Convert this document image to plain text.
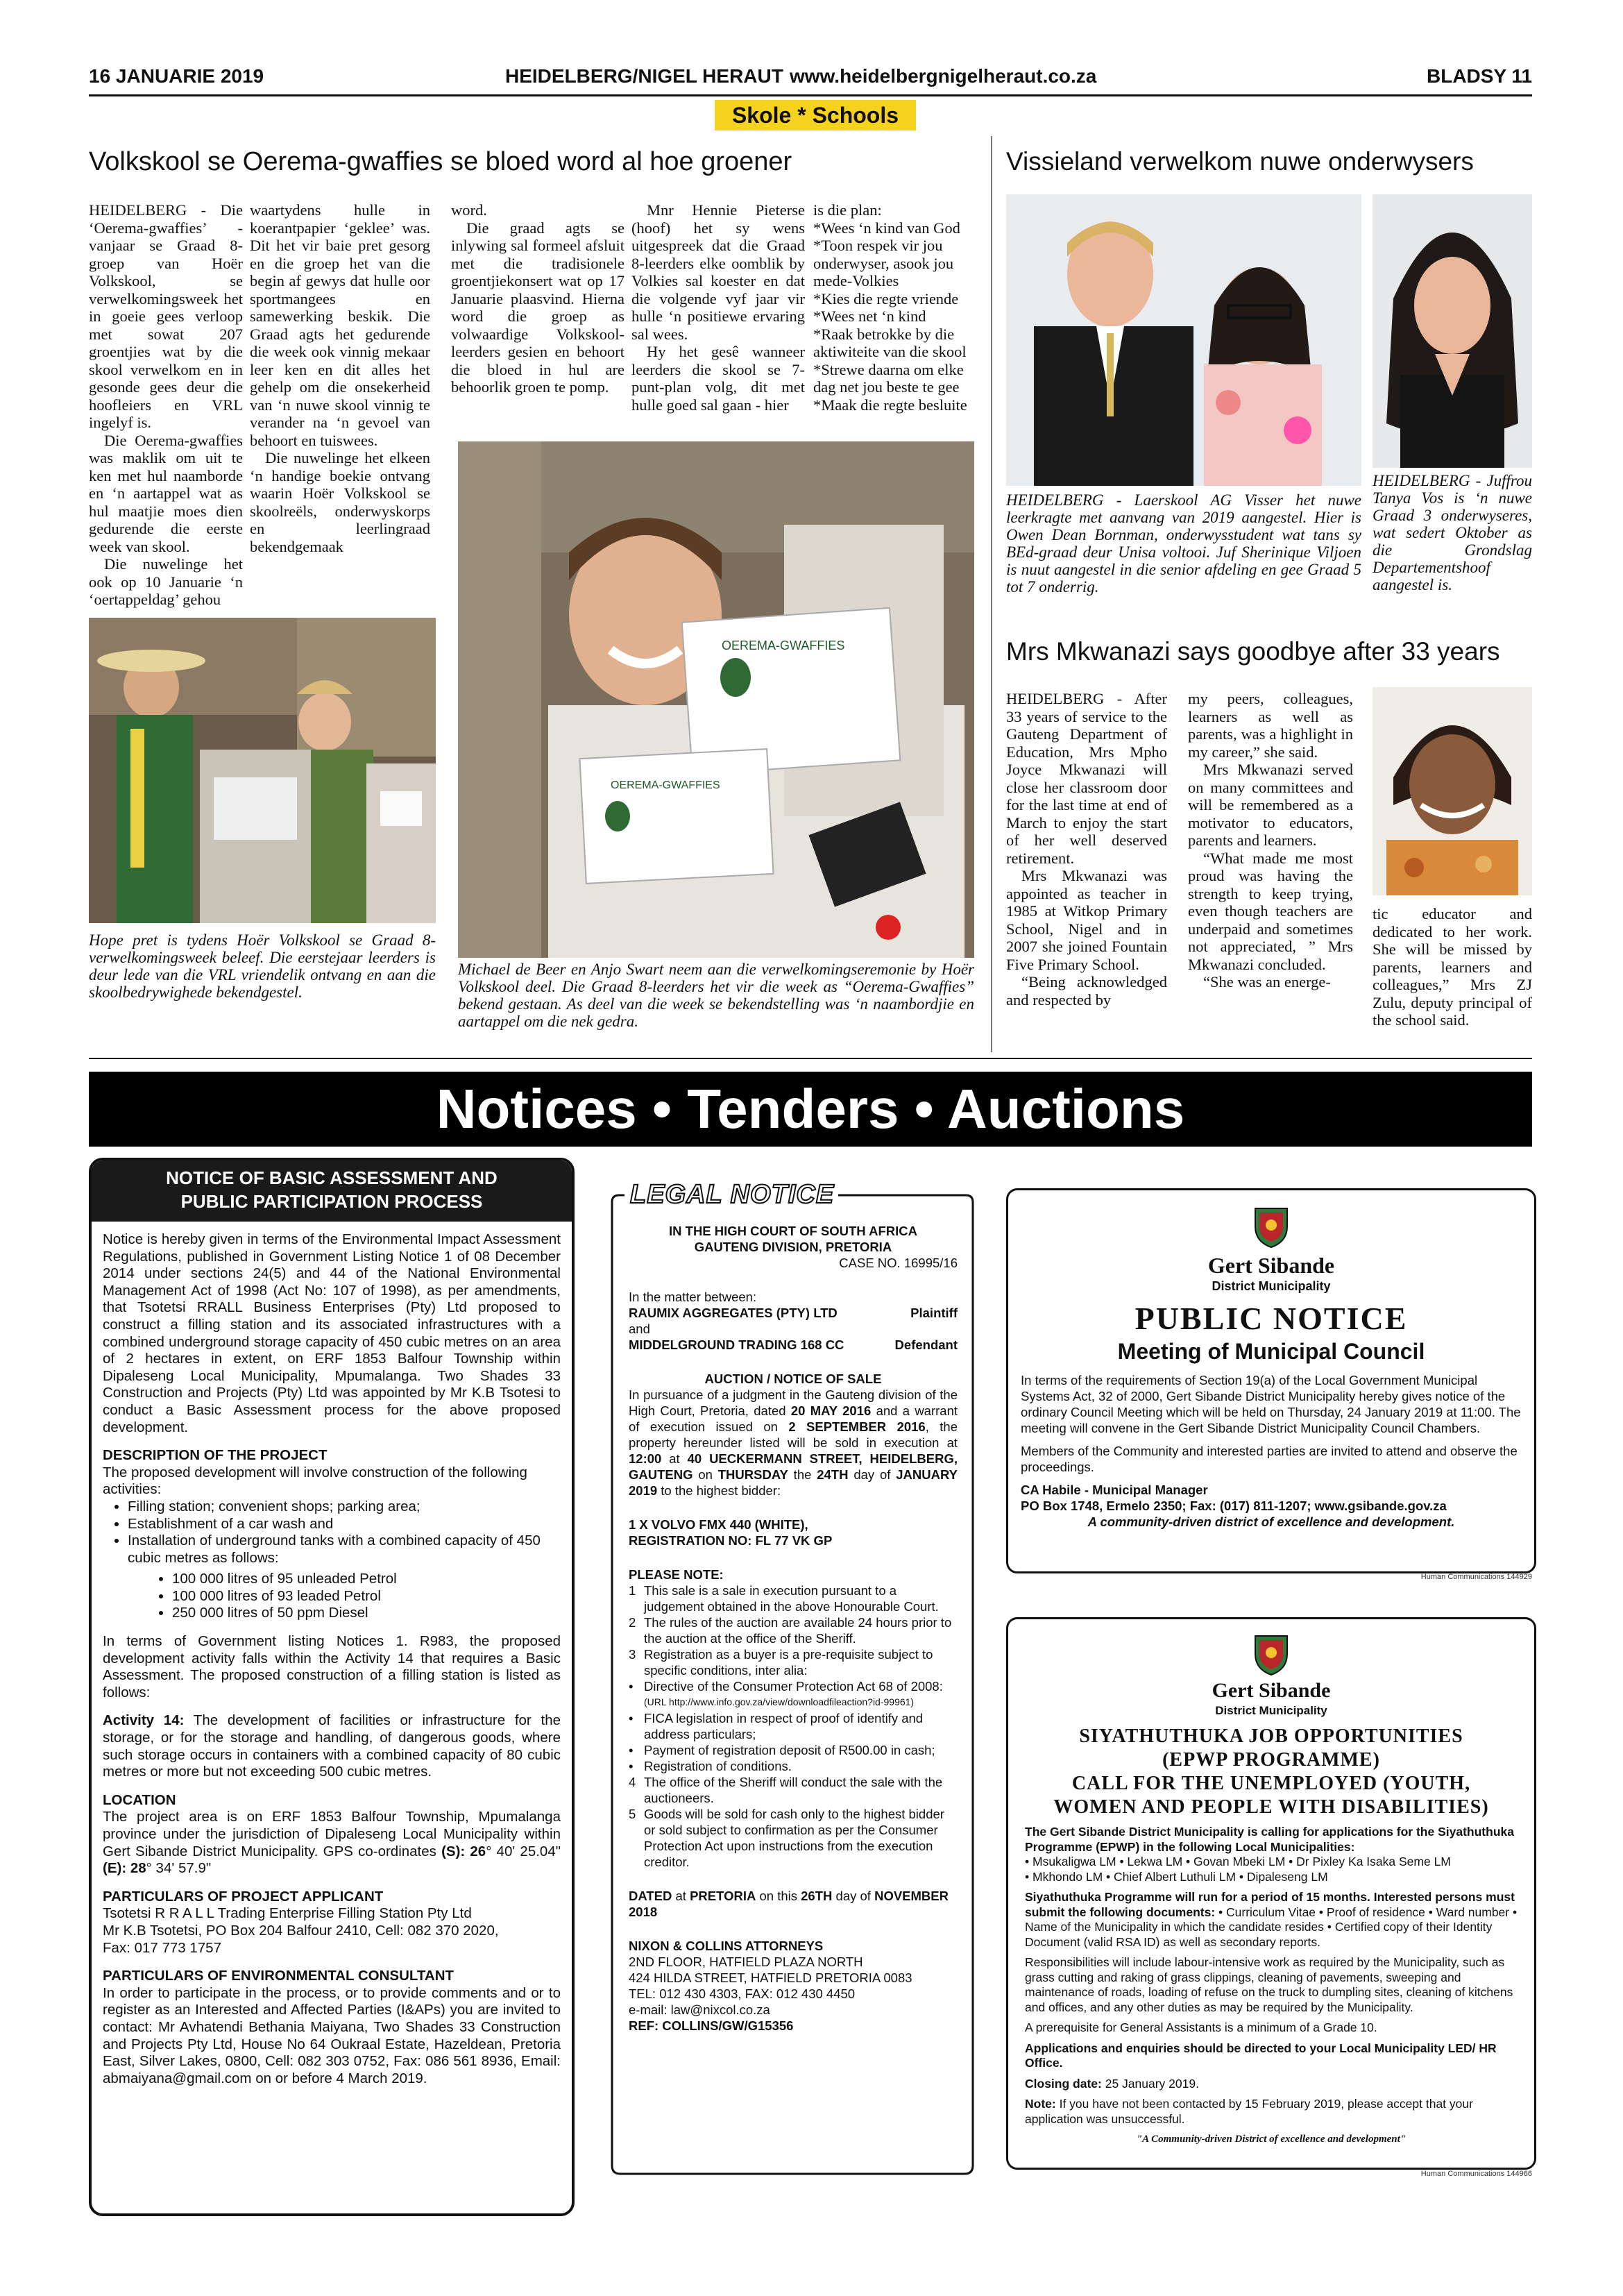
16 JANUARIE 2019	HEIDELBERG/NIGEL HERAUT www.heidelbergnigelheraut.co.za	BLADSY 11
Skole * Schools
Volkskool se Oerema-gwaffies se bloed word al hoe groener

HEIDELBERG - Die ‘Oerema-gwaffies’ - vanjaar se Graad 8-groep van Hoër Volkskool, se verwelkomingsweek het in goeie gees verloop met sowat 207 groentjies wat by die skool verwelkom en in gesonde gees deur die hoofleiers en VRL ingelyf is.

Die Oerema-gwaffies was maklik om uit te ken met hul naamborde en ‘n aartappel wat as hul maatjie moes dien gedurende die eerste week van skool.

Die nuwelinge het ook op 10 Januarie ‘n ‘oertappeldag’ gehou

waartydens hulle in koerantpapier ‘geklee’ was. Dit het vir baie pret gesorg en die groep het van die begin af gewys dat hulle oor sportmangees en samewerking beskik. Die Graad agts het gedurende die week ook vinnig mekaar leer ken en dit alles het gehelp om die onsekerheid van ‘n nuwe skool vinnig te verander na ‘n gevoel van behoort en tuiswees.

Die nuwelinge het elkeen ‘n handige boekie ontvang waarin Hoër Volkskool se skoolreëls, onderwyskorps en leerlingraad bekendgemaak

word.

Die graad agts se inlywing sal formeel afsluit met die tradisionele groentjiekonsert wat op 17 Januarie plaasvind. Hierna word die groep as volwaardige Volkskool-leerders gesien en behoort die bloed in hul are behoorlik groen te pomp.

Mnr Hennie Pieterse (hoof) het sy wens uitgespreek dat die Graad 8-leerders elke oomblik by Volkies sal koester en dat die volgende vyf jaar vir hulle ‘n positiewe ervaring sal wees.

Hy het gesê wanneer leerders die skool se 7-punt-plan volg, dit met hulle goed sal gaan - hier

is die plan:
*Wees ‘n kind van God
*Toon respek vir jou onderwyser, asook jou mede-Volkies
*Kies die regte vriende
*Wees net ‘n kind
*Raak betrokke by die aktiwiteite van die skool
*Strewe daarna om elke dag net jou beste te gee
*Maak die regte besluite
Hope pret is tydens Hoër Volkskool se Graad 8-verwelkomingsweek beleef. Die eerstejaar leerders is deur lede van die VRL vriendelik ontvang en aan die skoolbedrywighede bekendgestel.
OEREMA-GWAFFIES
OEREMA-GWAFFIES
Michael de Beer en Anjo Swart neem aan die verwelkomingseremonie by Hoër Volkskool deel. Die Graad 8-leerders het vir die week as “Oerema-Gwaffies” bekend gestaan. As deel van die week se bekendstelling was ‘n naambordjie en aartappel om die nek gedra.
Vissieland verwelkom nuwe onderwysers
HEIDELBERG - Laerskool AG Visser het nuwe leerkragte met aanvang van 2019 aangestel. Hier is Owen Dean Bornman, onderwysstudent wat tans sy BEd-graad deur Unisa voltooi. Juf Sherinique Viljoen is nuut aangestel in die senior afdeling en gee Graad 5 tot 7 onderrig.
HEIDELBERG - Juffrou Tanya Vos is ‘n nuwe Graad 3 onderwyseres, wat sedert Oktober as die Grondslag Departementshoof aangestel is.
Mrs Mkwanazi says goodbye after 33 years

HEIDELBERG - After 33 years of service to the Gauteng Department of Education, Mrs Mpho Joyce Mkwanazi will close her classroom door for the last time at end of March to enjoy the start of her well deserved retirement.

Mrs Mkwanazi was appointed as teacher in 1985 at Witkop Primary School, Nigel and in 2007 she joined Fountain Five Primary School.

“Being acknowledged and respected by

my peers, colleagues, learners as well as parents, was a highlight in my career,” she said.

Mrs Mkwanazi served on many committees and will be remembered as a motivator to educators, parents and learners.

“What made me most proud was having the strength to keep trying, even though teachers are underpaid and sometimes not appreciated, ” Mrs Mkwanazi concluded.

“She was an energe-

tic educator and dedicated to her work. She will be missed by parents, learners and colleagues,” Mrs ZJ Zulu, deputy principal of the school said.

Notices • Tenders • Auctions
NOTICE OF BASIC ASSESSMENT AND
PUBLIC PARTICIPATION PROCESS

Notice is hereby given in terms of the Environmental Impact Assessment Regulations, published in Government Listing Notice 1 of 08 December 2014 under sections 24(5) and 44 of the National Environmental Management Act of 1998 (Act No: 107 of 1998), as per amendments, that Tsotetsi RRALL Business Enterprises (Pty) Ltd proposed to construct a filling station and its associated infrastructures with a combined underground storage capacity of 450 cubic metres on an area of 2 hectares in extent, on ERF 1853 Balfour Township within Dipaleseng Local Municipality, Mpumalanga. Two Shades 33 Construction and Projects (Pty) Ltd was appointed by Mr K.B Tsotesi to conduct a Basic Assessment process for the above proposed development.

DESCRIPTION OF THE PROJECT
The proposed development will involve construction of the following activities:
• Filling station; convenient shops; parking area;
• Establishment of a car wash and
• Installation of underground tanks with a combined capacity of 450 cubic metres as follows:
• 100 000 litres of 95 unleaded Petrol
• 100 000 litres of 93 leaded Petrol
• 250 000 litres of 50 ppm Diesel

In terms of Government listing Notices 1. R983, the proposed development activity falls within the Activity 14 that requires a Basic Assessment. The proposed construction of a filling station is listed as follows:

Activity 14: The development of facilities or infrastructure for the storage, or for the storage and handling, of dangerous goods, where such storage occurs in containers with a combined capacity of 80 cubic metres or more but not exceeding 500 cubic metres.

LOCATION

The project area is on ERF 1853 Balfour Township, Mpumalanga province under the jurisdiction of Dipaleseng Local Municipality within Gert Sibande District Municipality. GPS co-ordinates (S): 26° 40' 25.04" (E): 28° 34' 57.9"

PARTICULARS OF PROJECT APPLICANT
Tsotetsi R R A L L Trading Enterprise Filling Station Pty Ltd
Mr K.B Tsotetsi, PO Box 204 Balfour 2410, Cell: 082 370 2020,
Fax: 017 773 1757
PARTICULARS OF ENVIRONMENTAL CONSULTANT

In order to participate in the process, or to provide comments and or to register as an Interested and Affected Parties (I&APs) you are invited to contact: Mr Avhatendi Bethania Maiyana, Two Shades 33 Construction and Projects Pty Ltd, House No 64 Oukraal Estate, Hazeldean, Pretoria East, Silver Lakes, 0800, Cell: 082 303 0752, Fax: 086 561 8936, Email: abmaiyana@gmail.com on or before 4 March 2019.

LEGAL NOTICE
IN THE HIGH COURT OF SOUTH AFRICA
GAUTENG DIVISION, PRETORIA
CASE NO. 16995/16
In the matter between:
RAUMIX AGGREGATES (PTY) LTD	Plaintiff
and
MIDDELGROUND TRADING 168 CC	Defendant
AUCTION / NOTICE OF SALE
In pursuance of a judgment in the Gauteng division of the High Court, Pretoria, dated 20 MAY 2016 and a warrant of execution issued on 2 SEPTEMBER 2016, the property hereunder listed will be sold in execution at 12:00 at 40 UECKERMANN STREET, HEIDELBERG, GAUTENG on THURSDAY the 24TH day of JANUARY 2019 to the highest bidder:
1 X VOLVO FMX 440 (WHITE),
REGISTRATION NO: FL 77 VK GP
PLEASE NOTE:
1 This sale is a sale in execution pursuant to a judgement obtained in the above Honourable Court.
2 The rules of the auction are available 24 hours prior to the auction at the office of the Sheriff.
3 Registration as a buyer is a pre-requisite subject to specific conditions, inter alia:
• Directive of the Consumer Protection Act 68 of 2008:
(URL http://www.info.gov.za/view/downloadfileaction?id-99961)
• FICA legislation in respect of proof of identify and address particulars;
• Payment of registration deposit of R500.00 in cash;
• Registration of conditions.
4 The office of the Sheriff will conduct the sale with the auctioneers.
5 Goods will be sold for cash only to the highest bidder or sold subject to confirmation as per the Consumer Protection Act upon instructions from the execution creditor.
DATED at PRETORIA on this 26TH day of NOVEMBER 2018
NIXON & COLLINS ATTORNEYS
2ND FLOOR, HATFIELD PLAZA NORTH
424 HILDA STREET, HATFIELD PRETORIA 0083
TEL: 012 430 4303, FAX: 012 430 4450
e-mail: law@nixcol.co.za
REF: COLLINS/GW/G15356
Gert Sibande
District Municipality
PUBLIC NOTICE
Meeting of Municipal Council
In terms of the requirements of Section 19(a) of the Local Government Municipal Systems Act, 32 of 2000, Gert Sibande District Municipality hereby gives notice of the ordinary Council Meeting which will be held on Thursday, 24 January 2019 at 11:00. The meeting will convene in the Gert Sibande District Municipality Council Chambers.
Members of the Community and interested parties are invited to attend and observe the proceedings.
CA Habile - Municipal Manager
PO Box 1748, Ermelo 2350; Fax: (017) 811-1207; www.gsibande.gov.za
A community-driven district of excellence and development.
Human Communications 144929
Gert Sibande
District Municipality
SIYATHUTHUKA JOB OPPORTUNITIES
(EPWP PROGRAMME)
CALL FOR THE UNEMPLOYED (YOUTH,
WOMEN AND PEOPLE WITH DISABILITIES)
The Gert Sibande District Municipality is calling for applications for the Siyathuthuka Programme (EPWP) in the following Local Municipalities:
• Msukaligwa LM • Lekwa LM • Govan Mbeki LM • Dr Pixley Ka Isaka Seme LM
• Mkhondo LM • Chief Albert Luthuli LM • Dipaleseng LM
Siyathuthuka Programme will run for a period of 15 months. Interested persons must submit the following documents: • Curriculum Vitae • Proof of residence • Ward number • Name of the Municipality in which the candidate resides • Certified copy of their Identity Document (valid RSA ID) as well as secondary reports.
Responsibilities will include labour-intensive work as required by the Municipality, such as grass cutting and raking of grass clippings, cleaning of pavements, sweeping and maintenance of roads, loading of refuse on the truck to dumpling sites, cleaning of kitchens and offices, and any other duties as may be required by the Municipality.
A prerequisite for General Assistants is a minimum of a Grade 10.
Applications and enquiries should be directed to your Local Municipality LED/ HR Office.
Closing date: 25 January 2019.
Note: If you have not been contacted by 15 February 2019, please accept that your application was unsuccessful.
"A Community-driven District of excellence and development"
Human Communications 144966
